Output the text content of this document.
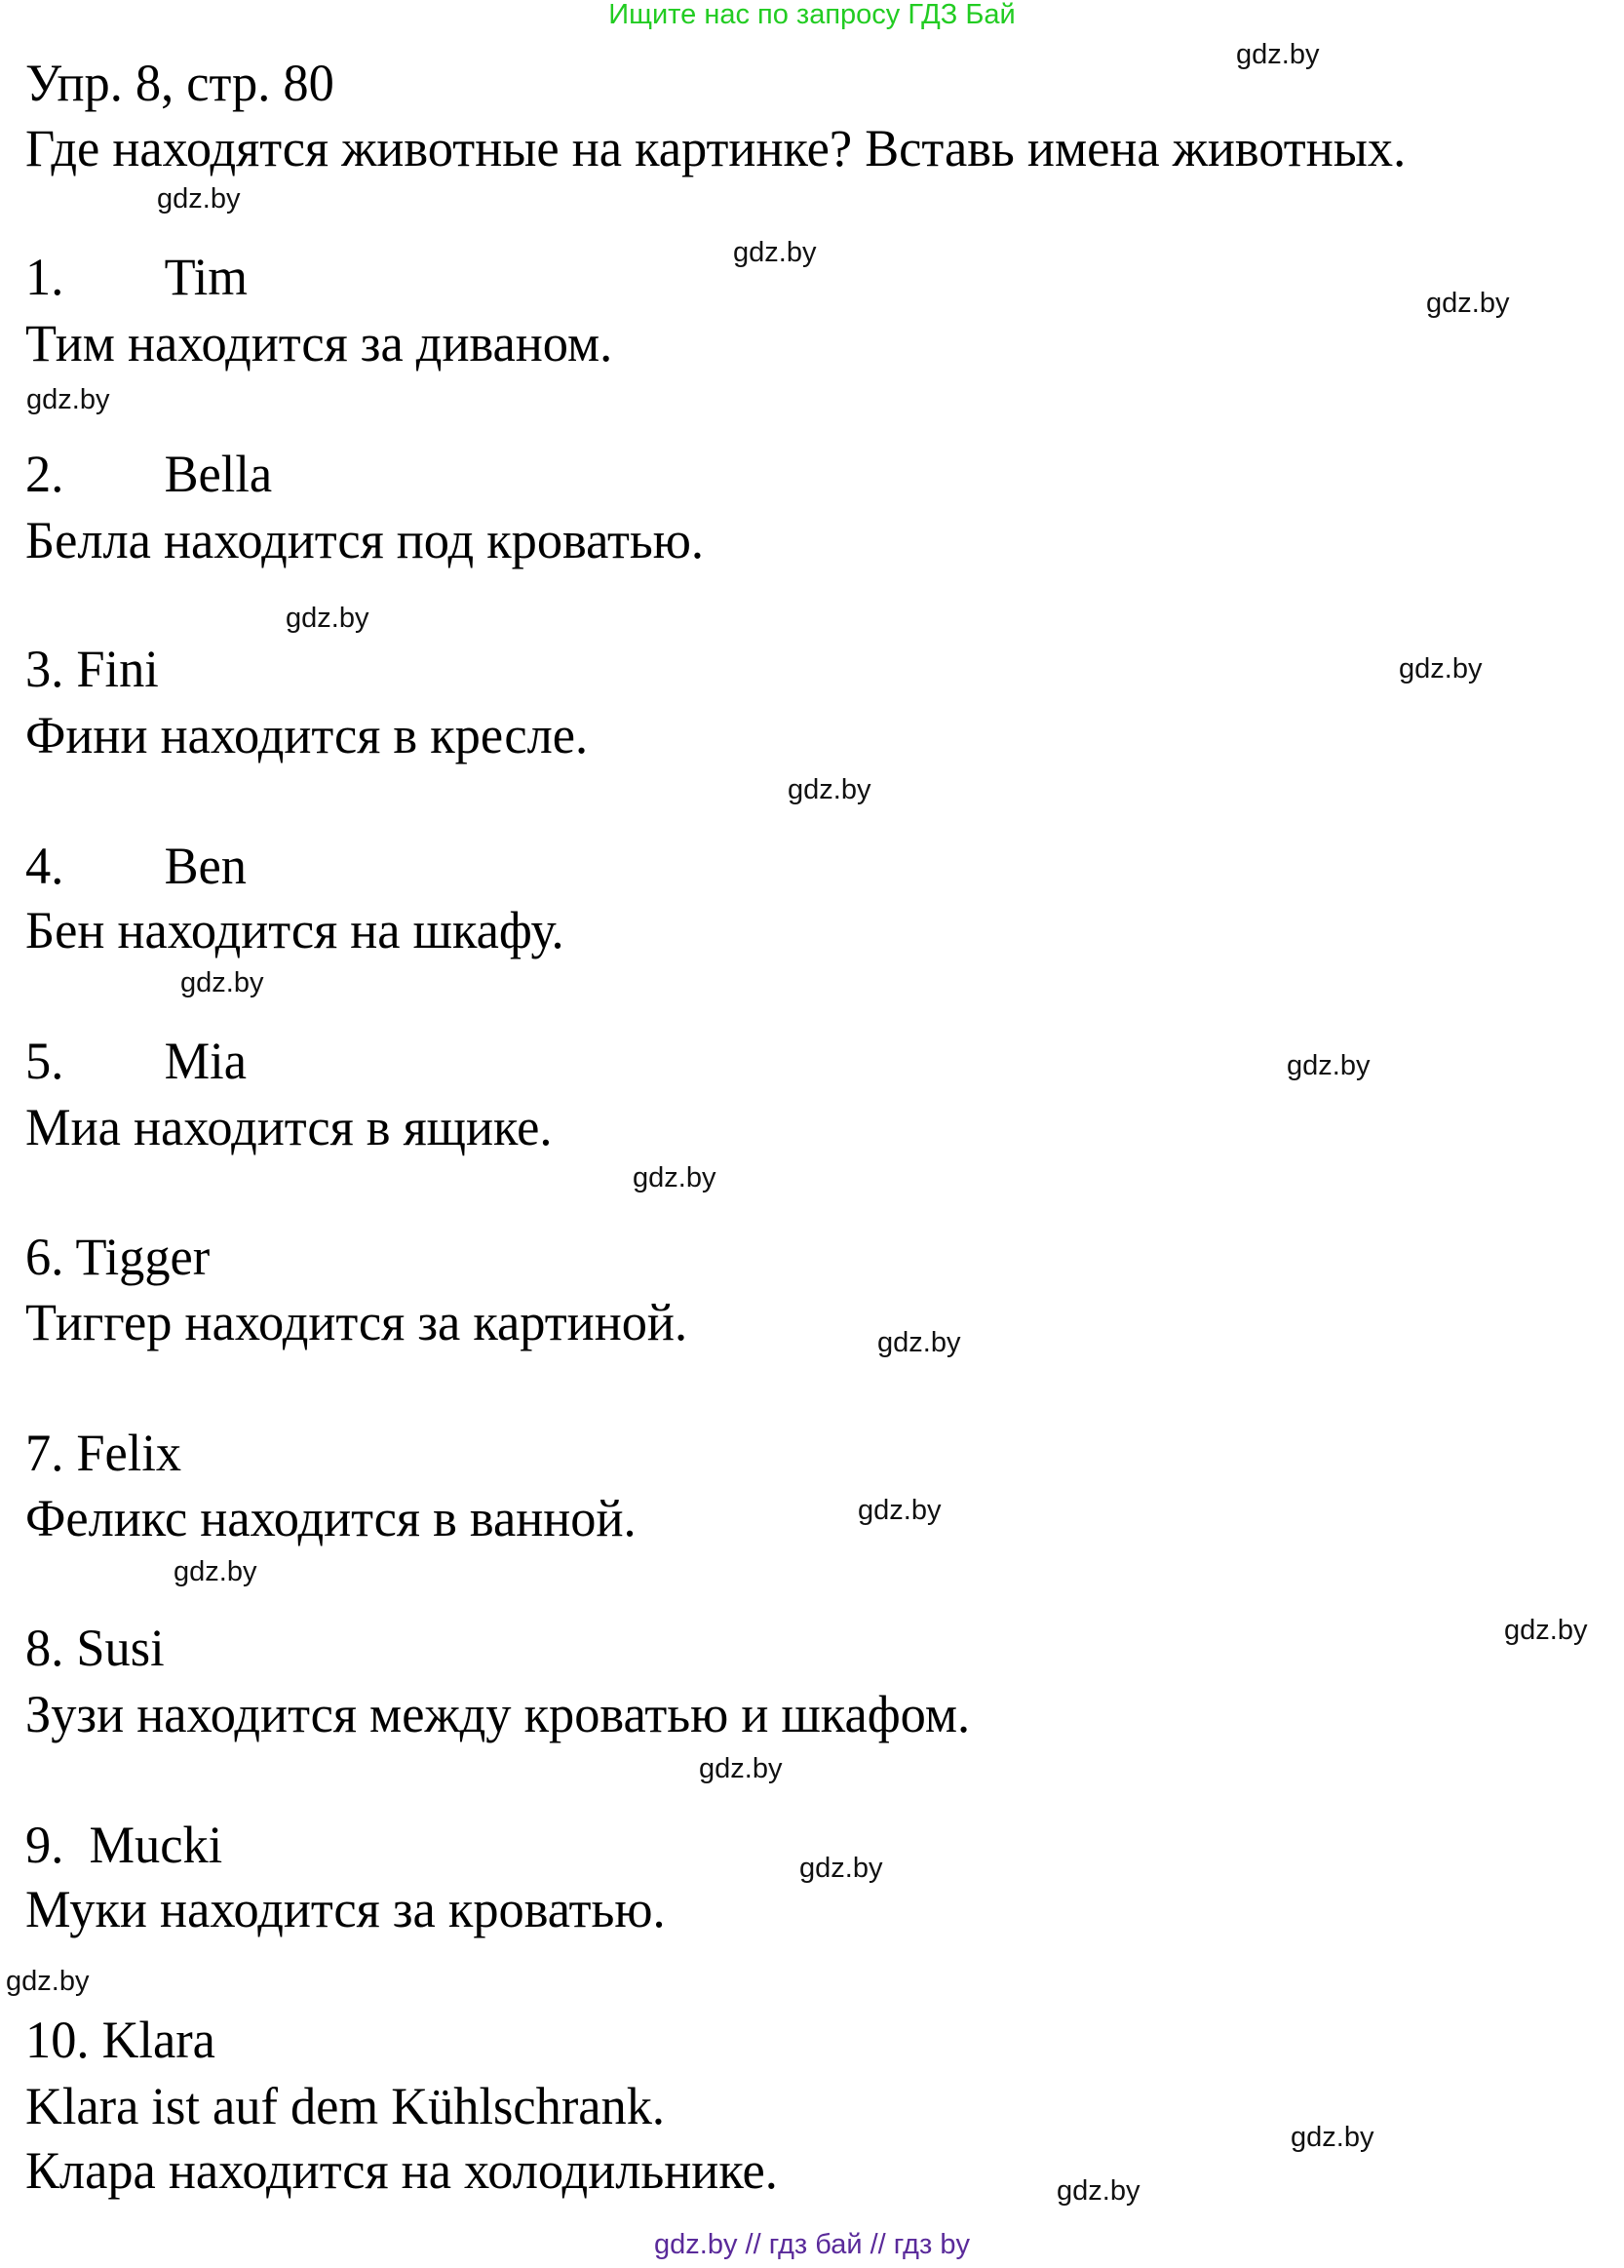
Ищите нас по запросу ГДЗ Бай
Упр. 8, стр. 80
Где находятся животные на картинке? Вставь имена животных.
1. Tim
Тим находится за диваном.
2. Bella
Белла находится под кроватью.
3. Fini
Фини находится в кресле.
4. Ben
Бен находится на шкафу.
5. Mia
Миа находится в ящике.
6. Tigger
Тиггер находится за картиной.
7. Felix
Феликс находится в ванной.
8. Susi
Зузи находится между кроватью и шкафом.
9.  Mucki
Муки находится за кроватью.
10. Klara
Klara ist auf dem Kühlschrank.
Клара находится на холодильнике.
gdz.by
gdz.by
gdz.by
gdz.by
gdz.by
gdz.by
gdz.by
gdz.by
gdz.by
gdz.by
gdz.by
gdz.by
gdz.by
gdz.by
gdz.by
gdz.by
gdz.by
gdz.by
gdz.by
gdz.by
gdz.by // гдз бай // гдз by
